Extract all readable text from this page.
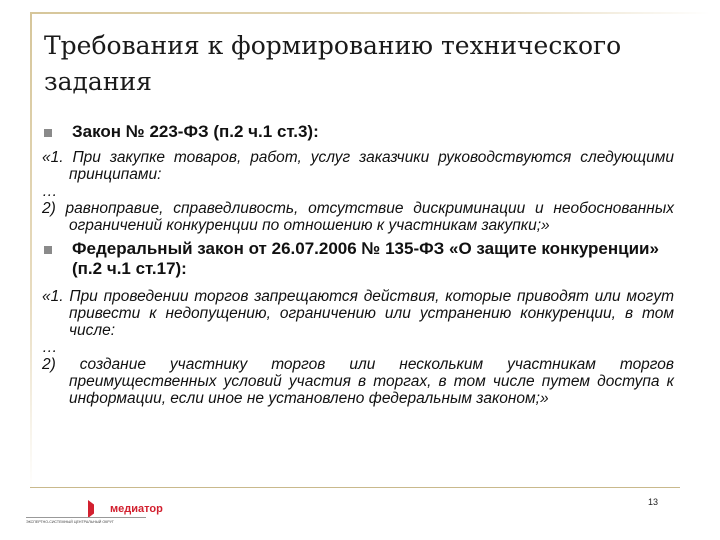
Требования к формированию технического задания
Закон № 223-ФЗ (п.2 ч.1 ст.3):
«1. При закупке товаров, работ, услуг заказчики руководствуются следующими принципами:
…
2) равноправие, справедливость, отсутствие дискриминации и необоснованных ограничений конкуренции по отношению к участникам закупки;»
Федеральный закон от 26.07.2006 № 135-ФЗ «О защите конкуренции» (п.2 ч.1 ст.17):
«1. При проведении торгов запрещаются действия, которые приводят или могут привести к недопущению, ограничению или устранению конкуренции, в том числе:
…
2) создание участнику торгов или нескольким участникам торгов преимущественных условий участия в торгах, в том числе путем доступа к информации, если иное не установлено федеральным законом;»
13
медиатор
ЭКСПЕРТНО-СИСТЕМНЫЙ ЦЕНТРАЛЬНЫЙ ОКРУГ
